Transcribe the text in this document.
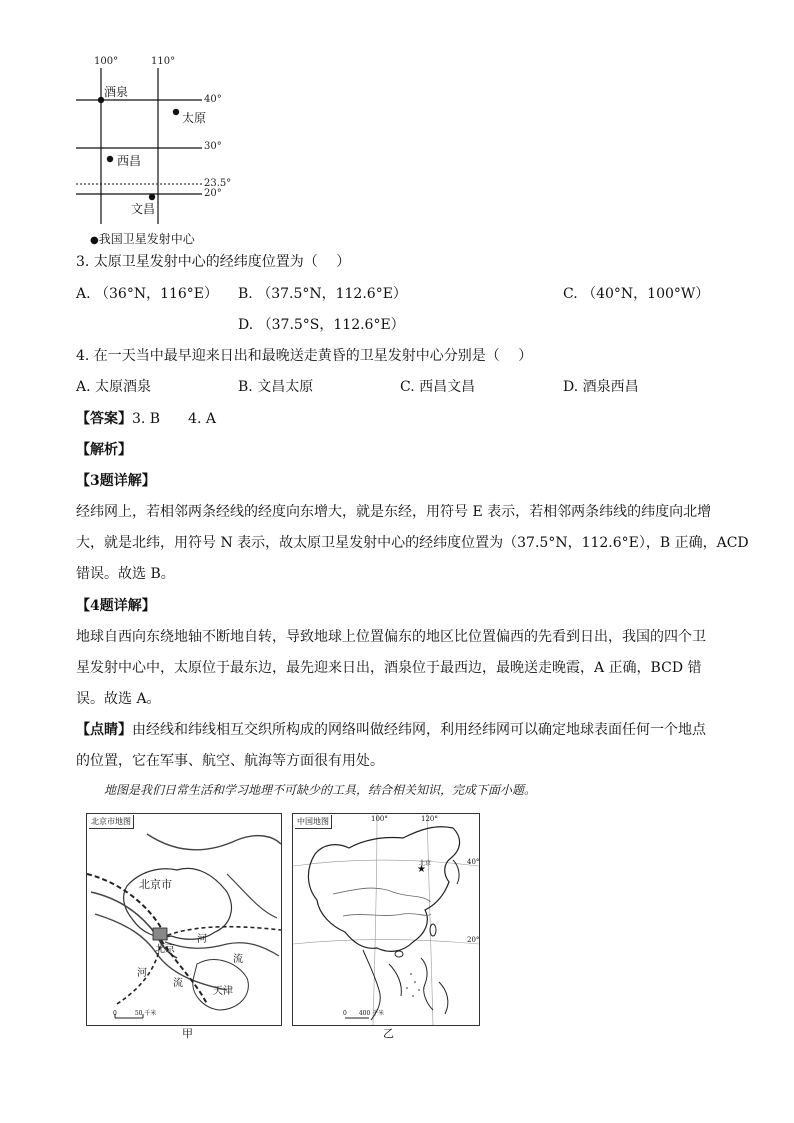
100°	110°
40°
30°
23.5°
20°
酒泉
太原
西昌
文昌
●我国卫星发射中心
3. 太原卫星发射中心的经纬度位置为（　 ）
A. （36°N，116°E） B. （37.5°N，112.6°E）	C. （40°N，100°W）
D. （37.5°S，112.6°E）
4. 在一天当中最早迎来日出和最晚送走黄昏的卫星发射中心分别是（　 ）
A. 太原酒泉	B. 文昌太原	C. 西昌文昌	D. 酒泉西昌
【答案】3. B　　4. A
【解析】
【3题详解】
经纬网上，若相邻两条经线的经度向东增大，就是东经，用符号 E 表示，若相邻两条纬线的纬度向北增
大，就是北纬，用符号 N 表示，故太原卫星发射中心的经纬度位置为（37.5°N，112.6°E），B 正确，ACD
错误。故选 B。
【4题详解】
地球自西向东绕地轴不断地自转，导致地球上位置偏东的地区比位置偏西的先看到日出，我国的四个卫
星发射中心中，太原位于最东边，最先迎来日出，酒泉位于最西边，最晚送走晚霞，A 正确，BCD 错
误。故选 A。
【点睛】由经线和纬线相互交织所构成的网络叫做经纬网，利用经纬网可以确定地球表面任何一个地点
的位置，它在军事、航空、航海等方面很有用处。
地图是我们日常生活和学习地理不可缺少的工具，结合相关知识，完成下面小题。
北京市地图
北京市
北京
河
流
河
流
天津
0　　　50 千米
甲
中国地图	100°	120°
40°
20°
★
北京
0　　400 千米
乙
